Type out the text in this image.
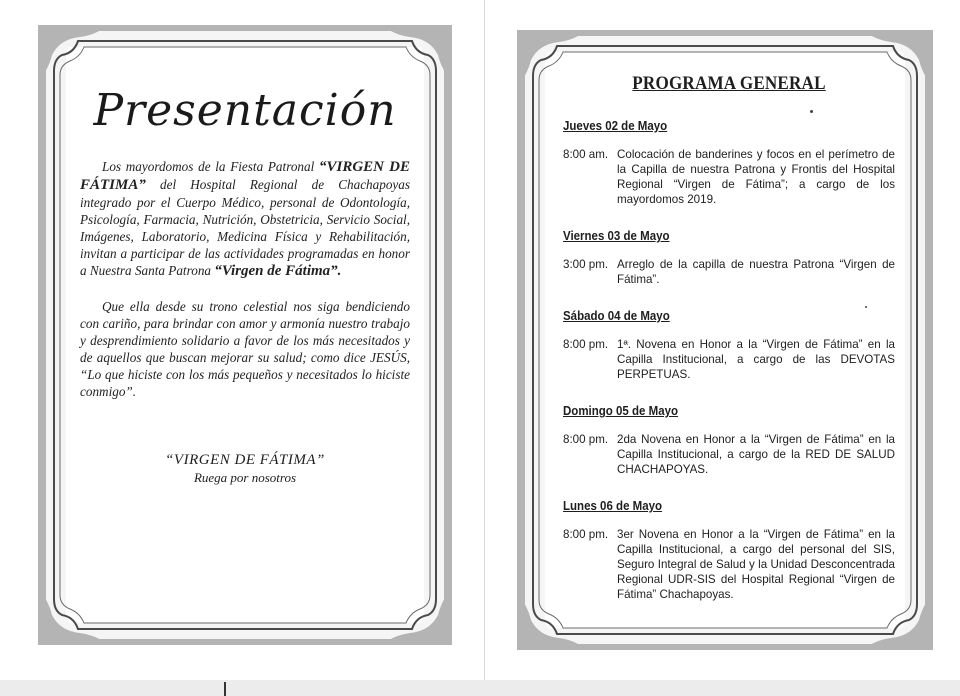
Presentación

Los mayordomos de la Fiesta Patronal “VIRGEN DE FÁTIMA” del Hospital Regional de Chachapoyas integrado por el Cuerpo Médico, personal de Odontología, Psicología, Farmacia, Nutrición, Obstetricia, Servicio Social, Imágenes, Laboratorio, Medicina Física y Rehabilitación, invitan a participar de las actividades programadas en honor a Nuestra Santa Patrona “Virgen de Fátima”.

Que ella desde su trono celestial nos siga bendiciendo con cariño, para brindar con amor y armonía nuestro trabajo y desprendimiento solidario a favor de los más necesitados y de aquellos que buscan mejorar su salud; como dice JESÚS, “Lo que hiciste con los más pequeños y necesitados lo hiciste conmigo”.

“VIRGEN DE FÁTIMA”
Ruega por nosotros
PROGRAMA GENERAL
Jueves 02 de Mayo
8:00 am. Colocación de banderines y focos en el perímetro de la Capilla de nuestra Patrona y Frontis del Hospital Regional “Virgen de Fátima”; a cargo de los mayordomos 2019.
Viernes 03 de Mayo
3:00 pm. Arreglo de la capilla de nuestra Patrona “Virgen de Fátima”.
Sábado 04 de Mayo
8:00 pm. 1ª. Novena en Honor a la “Virgen de Fátima” en la Capilla Institucional, a cargo de las DEVOTAS PERPETUAS.
Domingo 05 de Mayo
8:00 pm. 2da Novena en Honor a la “Virgen de Fátima” en la Capilla Institucional, a cargo de la RED DE SALUD CHACHAPOYAS.
Lunes 06 de Mayo
8:00 pm. 3er Novena en Honor a la “Virgen de Fátima” en la Capilla Institucional, a cargo del personal del SIS, Seguro Integral de Salud y la Unidad Desconcentrada Regional UDR-SIS del Hospital Regional “Virgen de Fátima” Chachapoyas.
